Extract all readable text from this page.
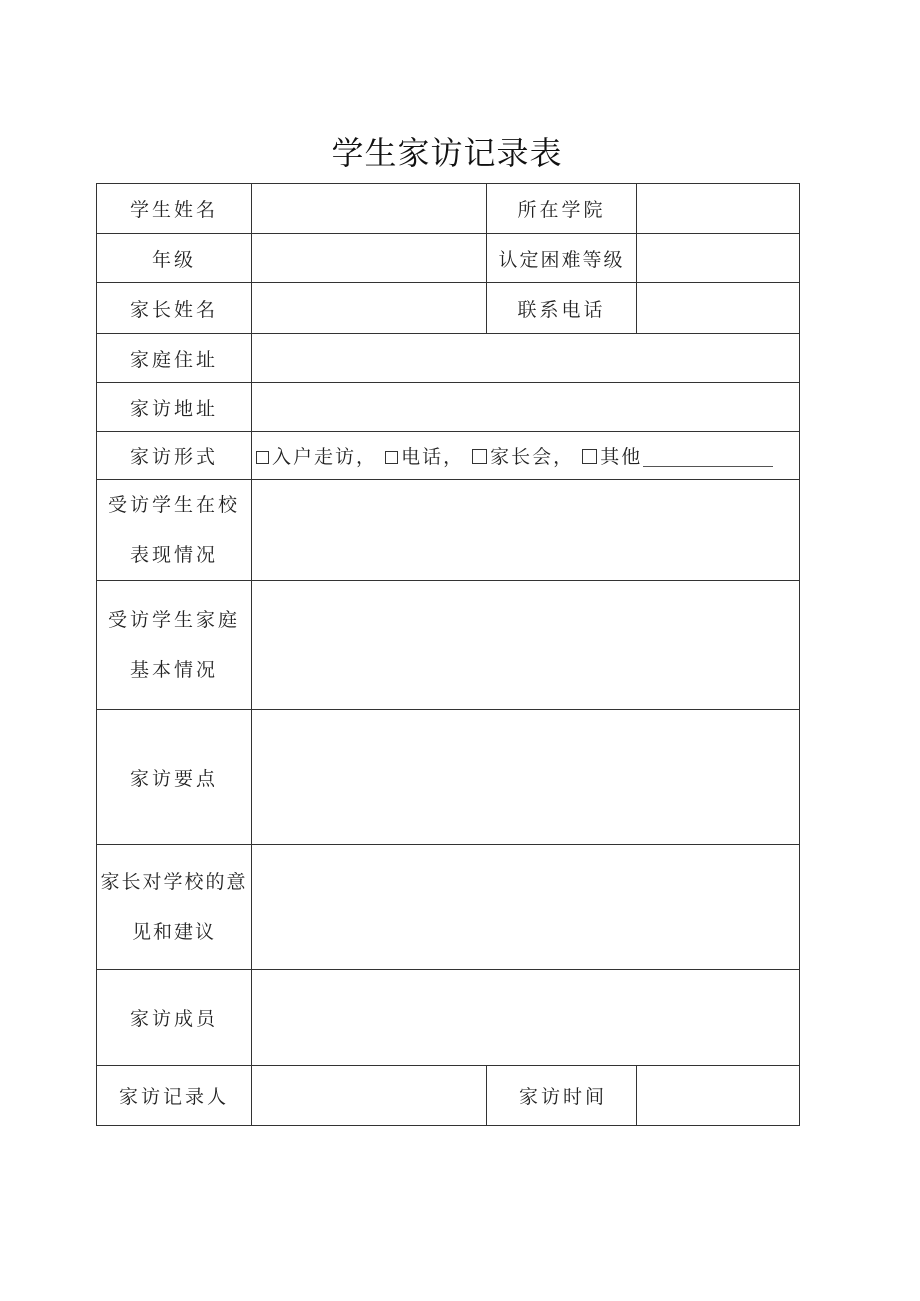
学生家访记录表
学生姓名		所在学院	
年级		认定困难等级	
家长姓名		联系电话	
家庭住址			
家访地址			
家访形式	入户走访， 电话， 家长会， 其他		

受访学生在校
表现情况			

受访学生家庭
基本情况			

家访要点			

家长对学校的意
见和建议			

家访成员			
家访记录人		家访时间	
